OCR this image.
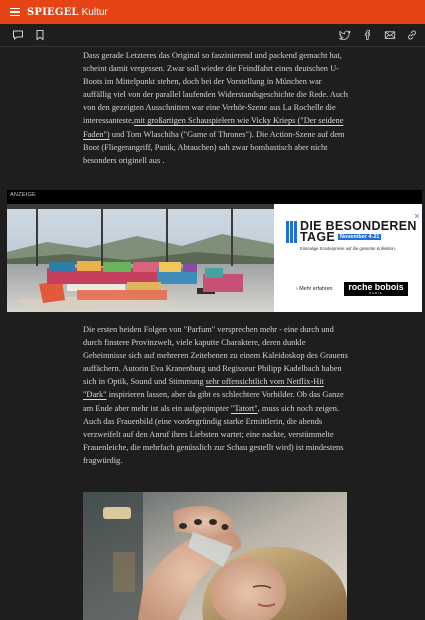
SPIEGEL Kultur

Dass gerade Letzteres das Original so faszinierend und packend gemacht hat, scheint damit vergessen. Zwar soll wieder die Feindfahrt eines deutschen U-Boots im Mittelpunkt stehen, doch bei der Vorstellung in München war auffällig viel von der parallel laufenden Widerstandsgeschichte die Rede. Auch von den gezeigten Ausschnitten war eine Verhör-Szene aus La Rochelle die interessanteste,mit großartigen Schauspielern wie Vicky Krieps ("Der seidene Faden") und Tom Wlaschiha ("Game of Thrones"). Die Action-Szene auf dem Boot (Fliegerangriff, Panik, Abtauchen) sah zwar bombastisch aber nicht besonders originell aus .

ANZEIGE
DIE BESONDEREN
TAGE November 4-21
Einmalige Sonderpreise auf die gesamte Kollektion.
› Mehr erfahren	roche bobois
PARIS

Die ersten beiden Folgen von "Parfum" versprechen mehr - eine durch und durch finstere Provinzwelt, viele kaputte Charaktere, deren dunkle Geheimnisse sich auf mehreren Zeitebenen zu einem Kaleidoskop des Grauens auffächern. Autorin Eva Kranenburg und Regisseur Philipp Kadelbach haben sich in Optik, Sound und Stimmung sehr offensichtlich vom Netflix-Hit "Dark" inspirieren lassen, aber da gibt es schlechtere Vorbilder. Ob das Ganze am Ende aber mehr ist als ein aufgepimpter "Tatort", muss sich noch zeigen. Auch das Frauenbild (eine vordergründig starke Ermittlerin, die abends verzweifelt auf den Anruf ihres Liebsten wartet; eine nackte, verstümmelte Frauenleiche, die mehrfach genüsslich zur Schau gestellt wird) ist mindestens fragwürdig.
